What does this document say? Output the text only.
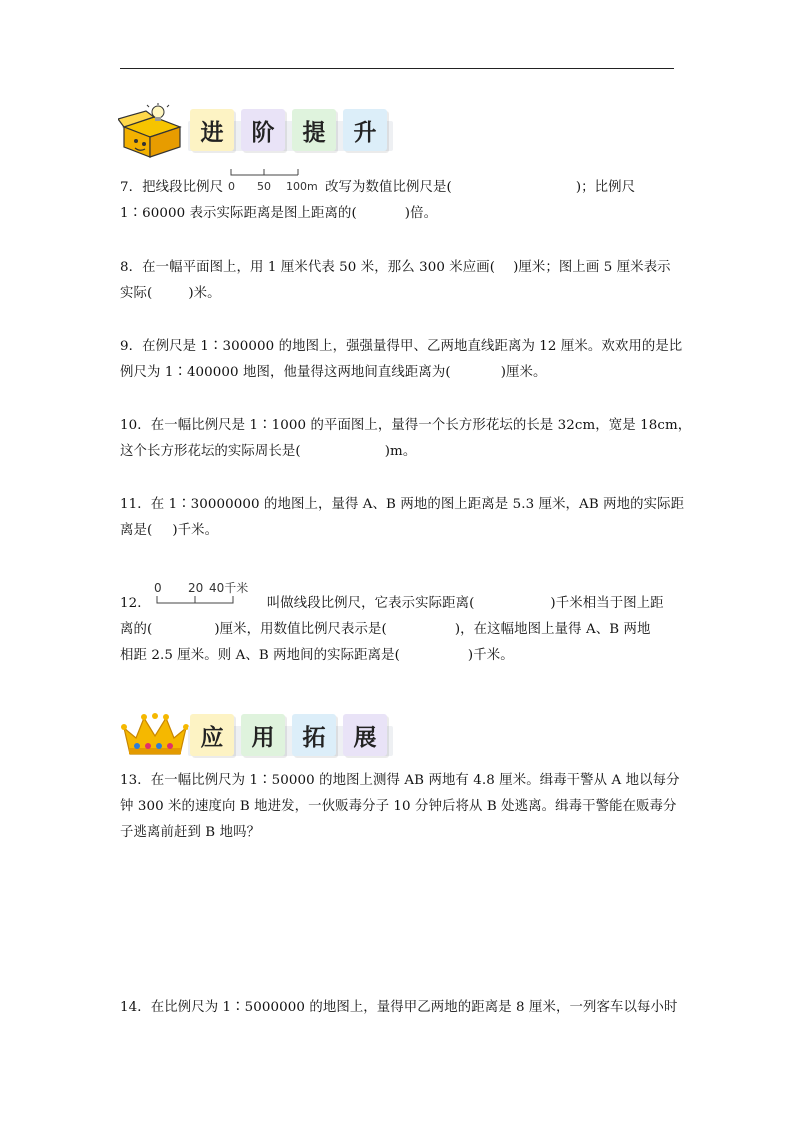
进	阶	提	升
0 50 100m
7．把线段比例尺	改写为数值比例尺是(	)；比例尺
1∶60000 表示实际距离是图上距离的(	)倍。
8．在一幅平面图上，用 1 厘米代表 50 米，那么 300 米应画( )厘米；图上画 5 厘米表示
实际(	)米。
9．在例尺是 1∶300000 的地图上，强强量得甲、乙两地直线距离为 12 厘米。欢欢用的是比
例尺为 1∶400000 地图，他量得这两地间直线距离为(	)厘米。
10．在一幅比例尺是 1∶1000 的平面图上，量得一个长方形花坛的长是 32cm，宽是 18cm，
这个长方形花坛的实际周长是(	)m。
11．在 1∶30000000 的地图上，量得 A、B 两地的图上距离是 5.3 厘米，AB 两地的实际距
离是( )千米。
0 20 40千米
12．	叫做线段比例尺，它表示实际距离(	)千米相当于图上距
离的(	)厘米，用数值比例尺表示是(	)，在这幅地图上量得 A、B 两地
相距 2.5 厘米。则 A、B 两地间的实际距离是(	)千米。
应	用	拓	展
13．在一幅比例尺为 1∶50000 的地图上测得 AB 两地有 4.8 厘米。缉毒干警从 A 地以每分
钟 300 米的速度向 B 地进发，一伙贩毒分子 10 分钟后将从 B 处逃离。缉毒干警能在贩毒分
子逃离前赶到 B 地吗？
14．在比例尺为 1∶5000000 的地图上，量得甲乙两地的距离是 8 厘米，一列客车以每小时
